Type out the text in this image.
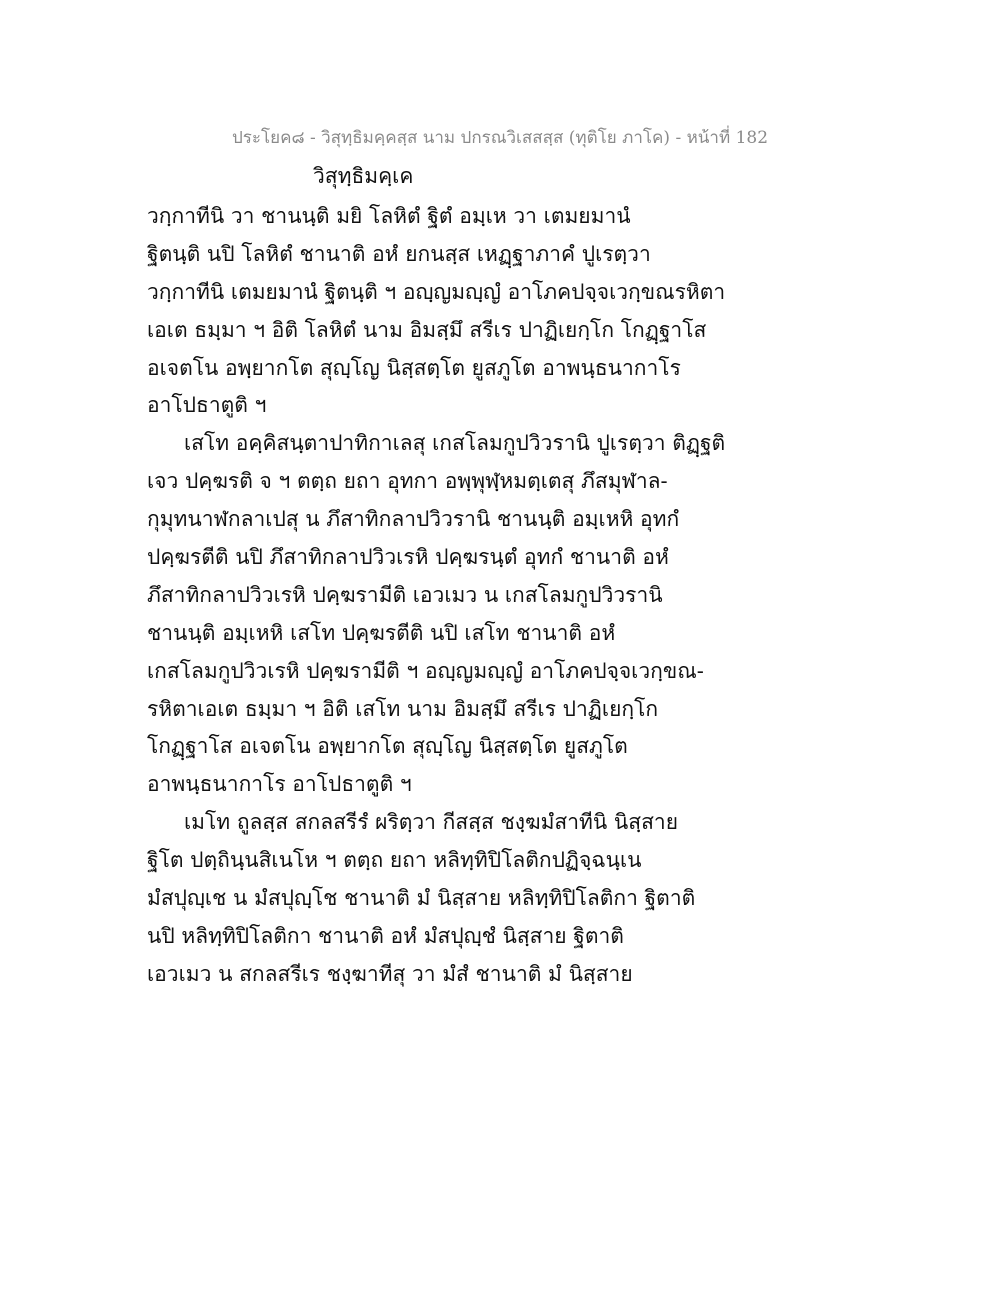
ประโยค๘ - วิสุทฺธิมคฺคสฺส นาม ปกรณวิเสสสฺส (ทุติโย ภาโค) - หน้าที่ 182
วิสุทฺธิมคฺเค
วกฺกาทีนิ วา ชานนฺติ มยิ โลหิตํ ฐิตํ อมฺเห วา เตมยมานํ
ฐิตนฺติ นปิ โลหิตํ ชานาติ อหํ ยกนสฺส เหฏฺฐาภาคํ ปูเรตฺวา
วกฺกาทีนิ เตมยมานํ ฐิตนฺติ ฯ อญฺญมญฺญํ อาโภคปจฺจเวกฺขณรหิตา
เอเต ธมฺมา ฯ อิติ โลหิตํ นาม อิมสฺมึ สรีเร ปาฏิเยกฺโก โกฏฺฐาโส
อเจตโน อพฺยากโต สุญฺโญ นิสฺสตฺโต ยูสภูโต อาพนฺธนากาโร
อาโปธาตูติ ฯ
เสโท อคฺคิสนฺตาปาทิกาเลสุ เกสโลมกูปวิวรานิ ปูเรตฺวา ติฏฺฐติ
เจว ปคฺฆรติ จ ฯ ตตฺถ ยถา อุทกา อพฺพุฬฺหมตฺเตสุ ภึสมุฬาล-
กุมุทนาฬกลาเปสุ น ภึสาทิกลาปวิวรานิ ชานนฺติ อมฺเหหิ อุทกํ
ปคฺฆรตีติ นปิ ภึสาทิกลาปวิวเรหิ ปคฺฆรนฺตํ อุทกํ ชานาติ อหํ
ภึสาทิกลาปวิวเรหิ ปคฺฆรามีติ เอวเมว น เกสโลมกูปวิวรานิ
ชานนฺติ อมฺเหหิ เสโท ปคฺฆรตีติ นปิ เสโท ชานาติ อหํ
เกสโลมกูปวิวเรหิ ปคฺฆรามีติ ฯ อญฺญมญฺญํ อาโภคปจฺจเวกฺขณ-
รหิตาเอเต ธมฺมา ฯ อิติ เสโท นาม อิมสฺมึ สรีเร ปาฏิเยกฺโก
โกฏฺฐาโส อเจตโน อพฺยากโต สุญฺโญ นิสฺสตฺโต ยูสภูโต
อาพนฺธนากาโร อาโปธาตูติ ฯ
เมโท ถูลสฺส สกลสรีรํ ผริตฺวา กีสสฺส ชงฺฆมํสาทีนิ นิสฺสาย
ฐิโต ปตฺถินฺนสิเนโห ฯ ตตฺถ ยถา หลิทฺทิปิโลติกปฏิจฺฉนฺเน
มํสปุญฺเช น มํสปุญฺโช ชานาติ มํ นิสฺสาย หลิทฺทิปิโลติกา ฐิตาติ
นปิ หลิทฺทิปิโลติกา ชานาติ อหํ มํสปุญฺชํ นิสฺสาย ฐิตาติ
เอวเมว น สกลสรีเร ชงฺฆาทีสุ วา มํสํ ชานาติ มํ นิสฺสาย
